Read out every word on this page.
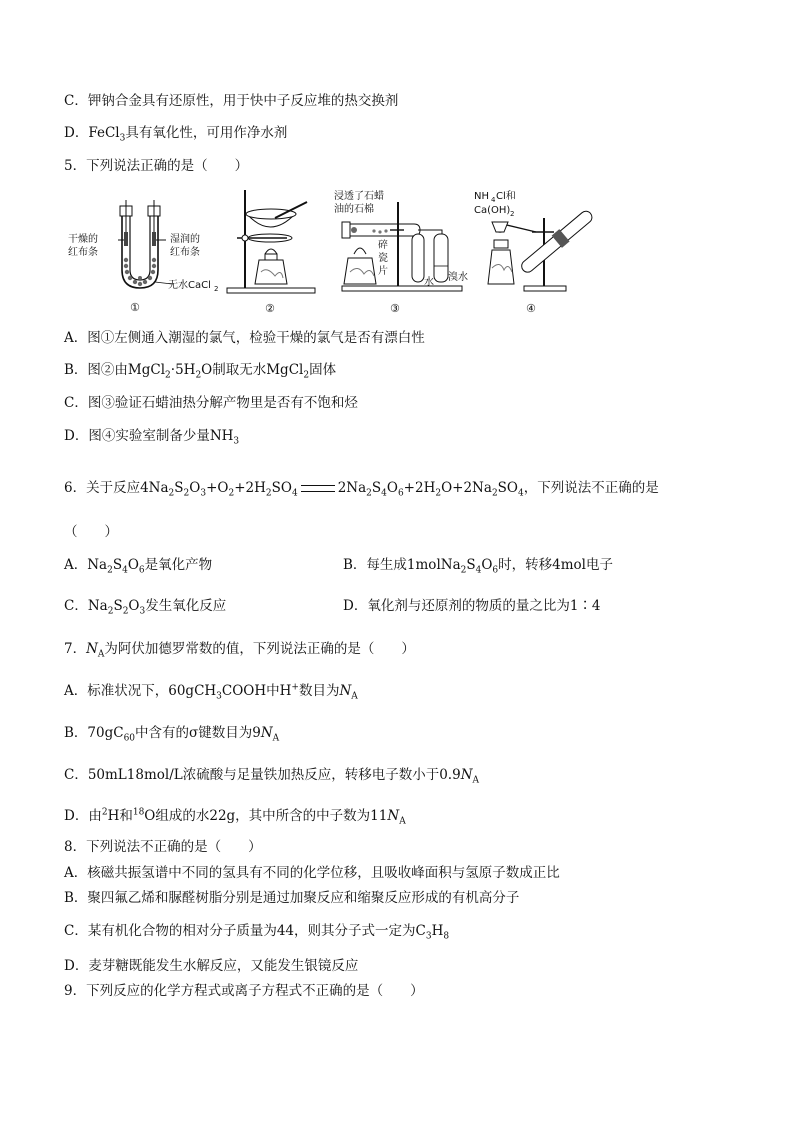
C．钾钠合金具有还原性，用于快中子反应堆的热交换剂
D．FeCl$_3$具有氧化性，可用作净水剂
5．下列说法正确的是（　　）
干燥的
红布条
湿润的
红布条
无水CaCl 2
①	②
浸透了石蜡
油的石棉
水 溴水
碎
瓷
片
③
NH 4 Cl和
Ca(OH) 2
④
A．图①左侧通入潮湿的氯气，检验干燥的氯气是否有漂白性
B．图②由$MgCl_2\cdot 5H_2O$制取无水MgCl$_2$固体
C．图③验证石蜡油热分解产物里是否有不饱和烃
D．图④实验室制备少量$NH_3$
6．关于反应$4Na_2S_2O_3+O_2+2H_2SO_4$	$2Na_2S_4O_6+2H_2O+2Na_2SO_4$，下列说法不正确的是
（　　）
A．$Na_2S_4O_6$是氧化产物	B．每生成$1molNa_2S_4O_6$时，转移4mol电子
C．$Na_2S_2O_3$发生氧化反应	D．氧化剂与还原剂的物质的量之比为1∶4
7．$N_A$为阿伏加德罗常数的值，下列说法正确的是（　　）
A．标准状况下，60gCH$_3$COOH中H+数目为$N_A$
B．$70gC_{60}$中含有的σ键数目为$9N_A$
C．50mL18mol/L浓硫酸与足量铁加热反应，转移电子数小于$0.9N_A$
D．由$^2$H和$^{18}$O组成的水22g，其中所含的中子数为$11N_A$
8．下列说法不正确的是（　　）
A．核磁共振氢谱中不同的氢具有不同的化学位移，且吸收峰面积与氢原子数成正比
B．聚四氟乙烯和脲醛树脂分别是通过加聚反应和缩聚反应形成的有机高分子
C．某有机化合物的相对分子质量为44，则其分子式一定为$C_3H_8$
D．麦芽糖既能发生水解反应，又能发生银镜反应
9．下列反应的化学方程式或离子方程式不正确的是（　　）
